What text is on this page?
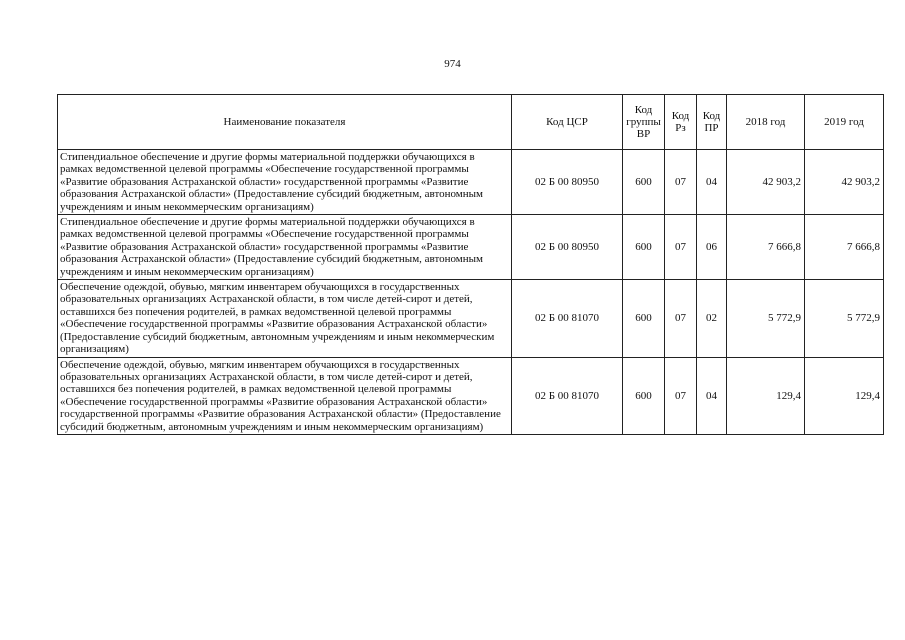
974
Наименование показателя	Код ЦСР	Код группы ВР	Код Рз	Код ПР	2018 год	2019 год
Стипендиальное обеспечение и другие формы материальной поддержки обучающихся в рамках ведомственной целевой программы «Обеспечение государственной программы «Развитие образования Астраханской области» государственной программы «Развитие образования Астраханской области» (Предоставление субсидий бюджетным, автономным учреждениям и иным некоммерческим организациям)	02 Б 00 80950	600	07	04	42 903,2	42 903,2
Стипендиальное обеспечение и другие формы материальной поддержки обучающихся в рамках ведомственной целевой программы «Обеспечение государственной программы «Развитие образования Астраханской области» государственной программы «Развитие образования Астраханской области» (Предоставление субсидий бюджетным, автономным учреждениям и иным некоммерческим организациям)	02 Б 00 80950	600	07	06	7 666,8	7 666,8
Обеспечение одеждой, обувью, мягким инвентарем обучающихся в государственных образовательных организациях Астраханской области, в том числе детей-сирот и детей, оставшихся без попечения родителей, в рамках ведомственной целевой программы «Обеспечение государственной программы «Развитие образования Астраханской области» (Предоставление субсидий бюджетным, автономным учреждениям и иным некоммерческим организациям)	02 Б 00 81070	600	07	02	5 772,9	5 772,9
Обеспечение одеждой, обувью, мягким инвентарем обучающихся в государственных образовательных организациях Астраханской области, в том числе детей-сирот и детей, оставшихся без попечения родителей, в рамках ведомственной целевой программы «Обеспечение государственной программы «Развитие образования Астраханской области» государственной программы «Развитие образования Астраханской области» (Предоставление субсидий бюджетным, автономным учреждениям и иным некоммерческим организациям)	02 Б 00 81070	600	07	04	129,4	129,4
